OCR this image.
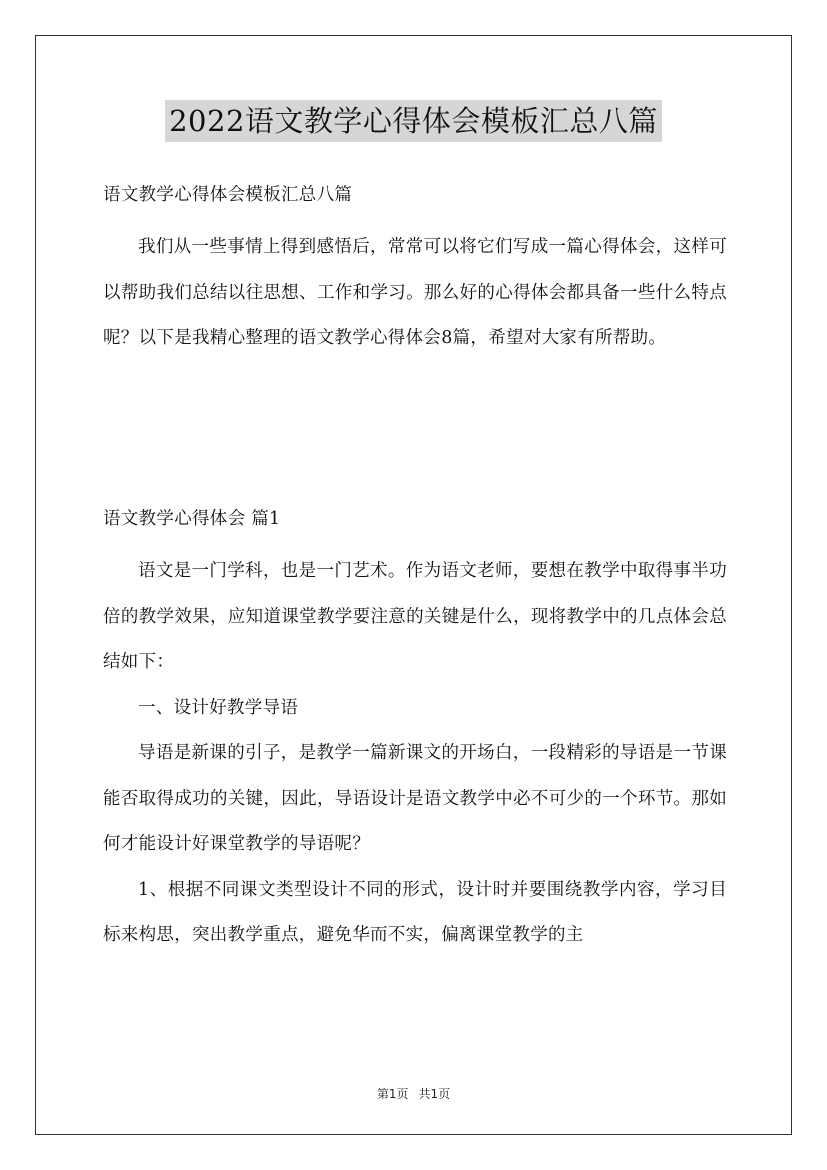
2022语文教学心得体会模板汇总八篇
语文教学心得体会模板汇总八篇
我们从一些事情上得到感悟后，常常可以将它们写成一篇心得体会，这样可以帮助我们总结以往思想、工作和学习。那么好的心得体会都具备一些什么特点呢？以下是我精心整理的语文教学心得体会8篇，希望对大家有所帮助。
语文教学心得体会 篇1

语文是一门学科，也是一门艺术。作为语文老师，要想在教学中取得事半功倍的教学效果，应知道课堂教学要注意的关键是什么，现将教学中的几点体会总结如下：

一、设计好教学导语

导语是新课的引子，是教学一篇新课文的开场白，一段精彩的导语是一节课能否取得成功的关键，因此，导语设计是语文教学中必不可少的一个环节。那如何才能设计好课堂教学的导语呢？

1、根据不同课文类型设计不同的形式，设计时并要围绕教学内容，学习目标来构思，突出教学重点，避免华而不实，偏离课堂教学的主

第1页 共1页
